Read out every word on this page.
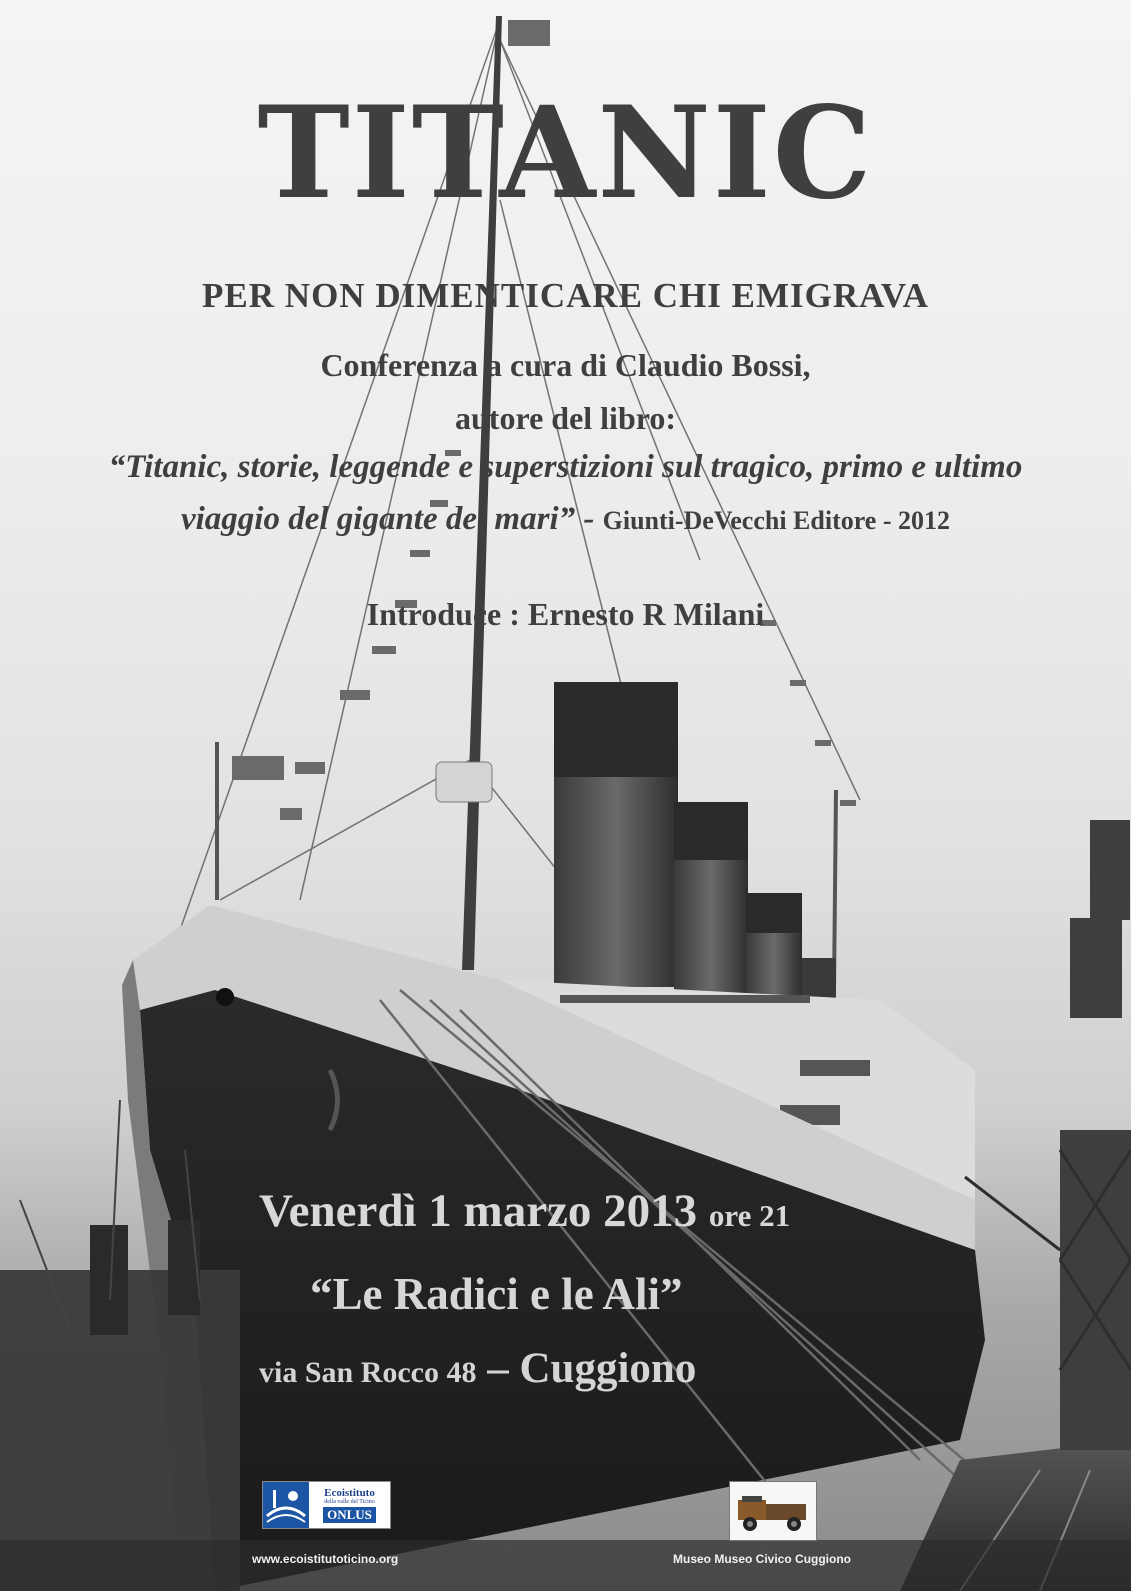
TITANIC
PER NON DIMENTICARE CHI EMIGRAVA
Conferenza a cura di Claudio Bossi,
autore del libro:
“Titanic, storie, leggende e superstizioni sul tragico, primo e ultimo
viaggio del gigante dei mari” - Giunti-DeVecchi Editore - 2012
Introduce : Ernesto R Milani
Venerdì 1 marzo 2013 ore 21
“Le Radici e le Ali”
via San Rocco 48 – Cuggiono
Ecoistituto
della valle del Ticino
ONLUS
www.ecoistitutoticino.org	Museo Museo Civico Cuggiono
